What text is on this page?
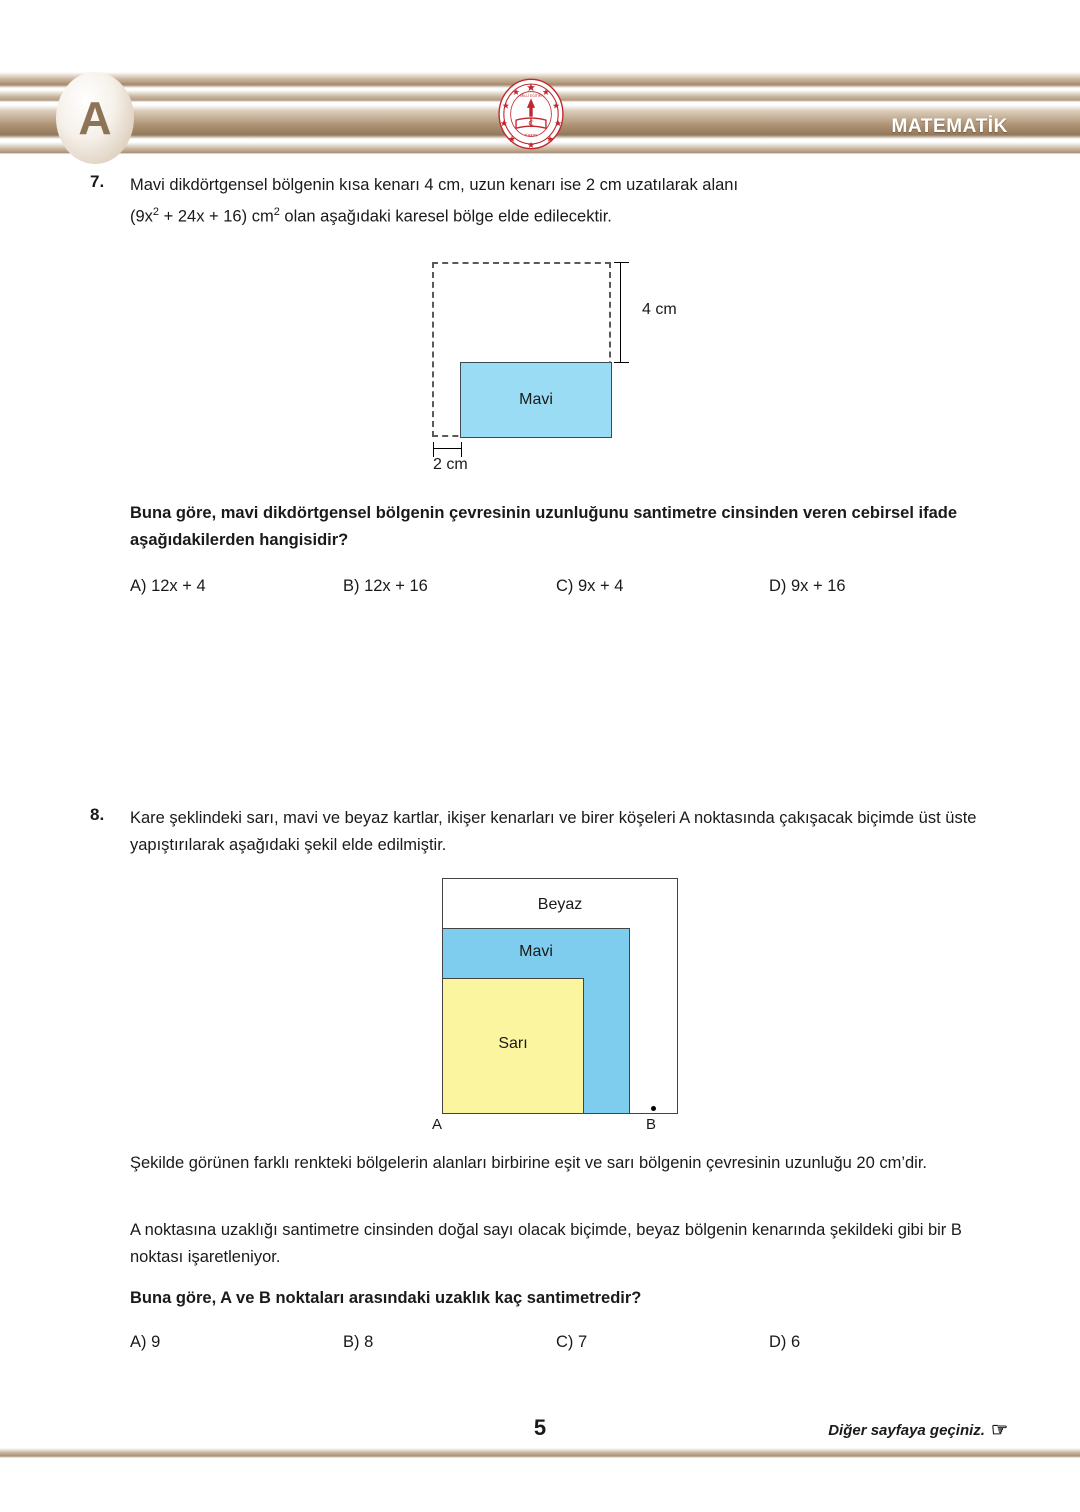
MATEMATİK
A	C
MİLLÎ EĞİTİM
TÜRKİYE
7. Mavi dikdörtgensel bölgenin kısa kenarı 4 cm, uzun kenarı ise 2 cm uzatılarak alanı
$(9x^2 + 24x + 16)$ $cm^2$ olan aşağıdaki karesel bölge elde edilecektir.
Mavi
4 cm
2 cm
Buna göre, mavi dikdörtgensel bölgenin çevresinin uzunluğunu santimetre cinsinden veren cebirsel ifade aşağıdakilerden hangisidir?
A) 12x + 4	B) 12x + 16	C) 9x + 4	D) 9x + 16
8. Kare şeklindeki sarı, mavi ve beyaz kartlar, ikişer kenarları ve birer köşeleri A noktasında çakışacak biçimde üst üste yapıştırılarak aşağıdaki şekil elde edilmiştir.
Beyaz
Mavi
Sarı
A	B
Şekilde görünen farklı renkteki bölgelerin alanları birbirine eşit ve sarı bölgenin çevresinin uzunluğu 20 cm’dir.
A noktasına uzaklığı santimetre cinsinden doğal sayı olacak biçimde, beyaz bölgenin kenarında şekildeki gibi bir B noktası işaretleniyor.
Buna göre, A ve B noktaları arasındaki uzaklık kaç santimetredir?
A) 9	B) 8	C) 7	D) 6
5	Diğer sayfaya geçiniz. ☞
